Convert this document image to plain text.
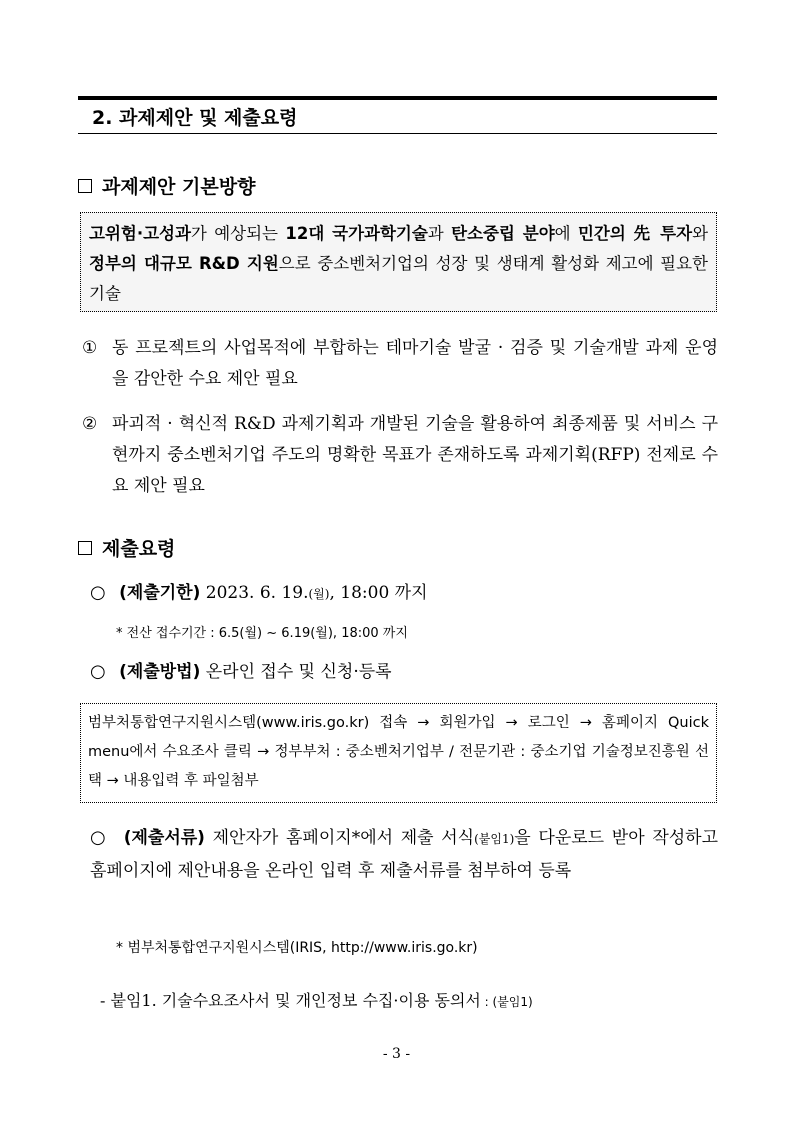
2. 과제제안 및 제출요령
과제제안 기본방향
고위험·고성과가 예상되는 12대 국가과학기술과 탄소중립 분야에 민간의 先 투자와 정부의 대규모 R&D 지원으로 중소벤처기업의 성장 및 생태계 활성화 제고에 필요한 기술
① 동 프로젝트의 사업목적에 부합하는 테마기술 발굴 · 검증 및 기술개발 과제 운영을 감안한 수요 제안 필요
② 파괴적 · 혁신적 R&D 과제기획과 개발된 기술을 활용하여 최종제품 및 서비스 구현까지 중소벤처기업 주도의 명확한 목표가 존재하도록 과제기획(RFP) 전제로 수요 제안 필요
제출요령
○ (제출기한) 2023. 6. 19.(월), 18:00 까지
* 전산 접수기간 : 6.5(월) ~ 6.19(월), 18:00 까지
○ (제출방법) 온라인 접수 및 신청·등록
범부처통합연구지원시스템(www.iris.go.kr) 접속 → 회원가입 → 로그인 → 홈페이지 Quick menu에서 수요조사 클릭 → 정부부처 : 중소벤처기업부 / 전문기관 : 중소기업 기술정보진흥원 선택 → 내용입력 후 파일첨부
○ (제출서류) 제안자가 홈페이지*에서 제출 서식(붙임1)을 다운로드 받아 작성하고 홈페이지에 제안내용을 온라인 입력 후 제출서류를 첨부하여 등록
* 범부처통합연구지원시스템(IRIS, http://www.iris.go.kr)
- 붙임1. 기술수요조사서 및 개인정보 수집·이용 동의서 : (붙임1)
- 3 -
